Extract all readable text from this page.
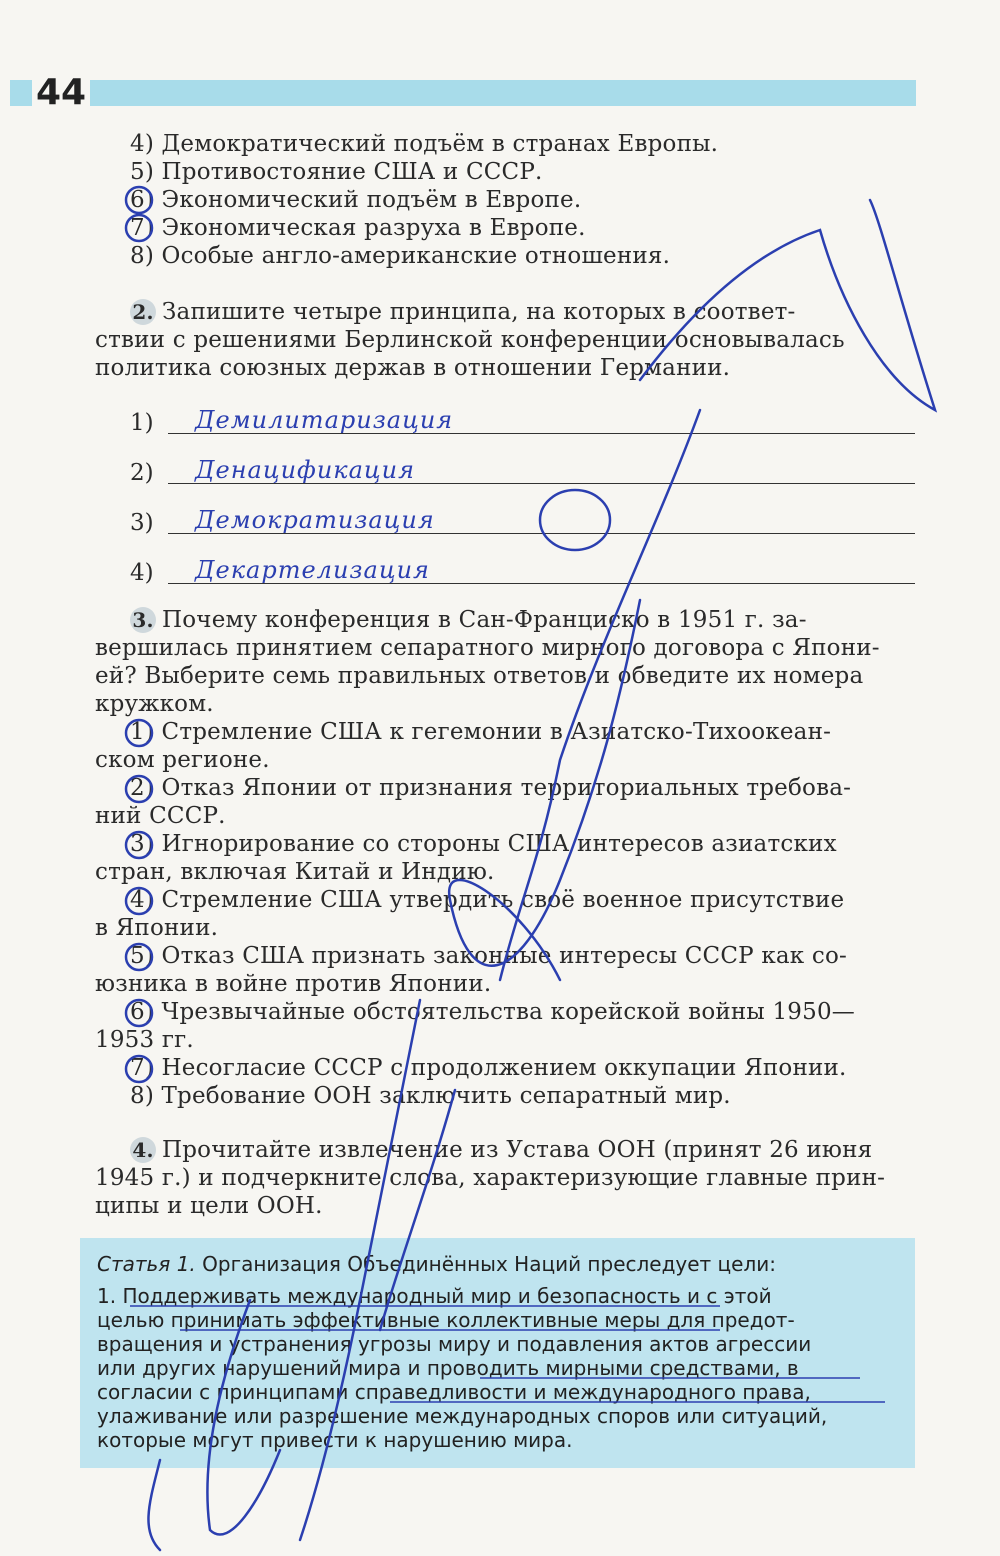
44
4) Демократический подъём в странах Европы.
5) Противостояние США и СССР.
6) Экономический подъём в Европе.
7) Экономическая разруха в Европе.
8) Особые англо-американские отношения.
2. Запишите четыре принципа, на которых в соответ-
ствии с решениями Берлинской конференции основывалась
политика союзных держав в отношении Германии.
1) Демилитаризация
2) Денацификация
3) Демократизация
4) Декартелизация
3. Почему конференция в Сан-Франциско в 1951 г. за-
вершилась принятием сепаратного мирного договора с Япони-
ей? Выберите семь правильных ответов и обведите их номера
кружком.
1) Стремление США к гегемонии в Азиатско-Тихоокеан-
ском регионе.
2) Отказ Японии от признания территориальных требова-
ний СССР.
3) Игнорирование со стороны США интересов азиатских
стран, включая Китай и Индию.
4) Стремление США утвердить своё военное присутствие
в Японии.
5) Отказ США признать законные интересы СССР как со-
юзника в войне против Японии.
6) Чрезвычайные обстоятельства корейской войны 1950—
1953 гг.
7) Несогласие СССР с продолжением оккупации Японии.
8) Требование ООН заключить сепаратный мир.
4. Прочитайте извлечение из Устава ООН (принят 26 июня
1945 г.) и подчеркните слова, характеризующие главные прин-
ципы и цели ООН.
Статья 1. Организация Объединённых Наций преследует цели:
1. Поддерживать международный мир и безопасность и с этой
целью принимать эффективные коллективные меры для предот-
вращения и устранения угрозы миру и подавления актов агрессии
или других нарушений мира и проводить мирными средствами, в
согласии с принципами справедливости и международного права,
улаживание или разрешение международных споров или ситуаций,
которые могут привести к нарушению мира.
